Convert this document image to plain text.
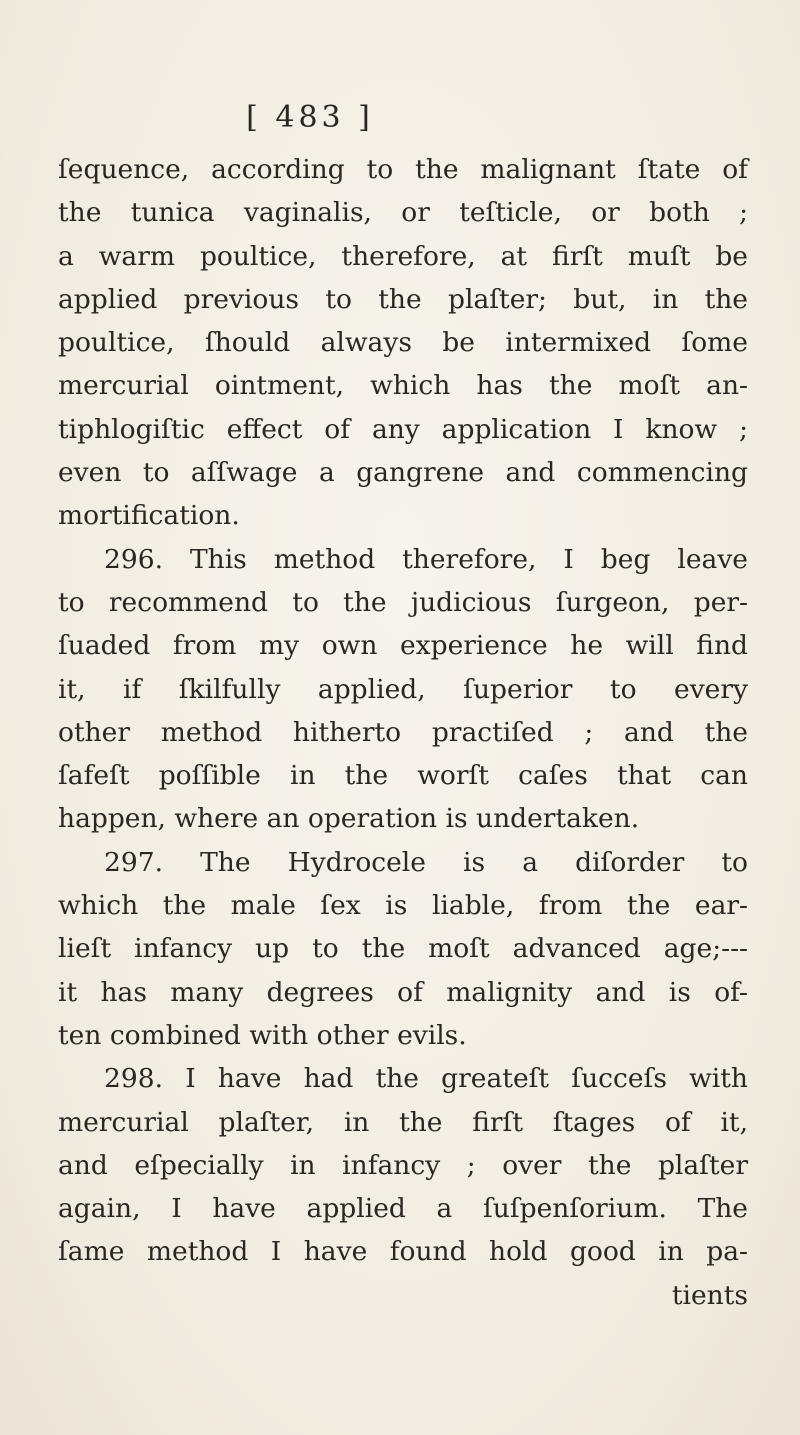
[ 483 ]
ſequence, according to the malignant ſtate of
the tunica vaginalis, or teſticle, or both ;
a warm poultice, therefore, at firſt muſt be
applied previous to the plaſter; but, in the
poultice, ſhould always be intermixed ſome
mercurial ointment, which has the moſt an-
tiphlogiſtic effect of any application I know ;
even to aſſwage a gangrene and commencing
mortification.
296. This method therefore, I beg leave
to recommend to the judicious ſurgeon, per-
ſuaded from my own experience he will find
it, if ſkilfully applied, ſuperior to every
other method hitherto practiſed ; and the
ſafeſt poſſible in the worſt caſes that can
happen, where an operation is undertaken.
297. The Hydrocele is a diſorder to
which the male ſex is liable, from the ear-
lieſt infancy up to the moſt advanced age;---
it has many degrees of malignity and is of-
ten combined with other evils.
298. I have had the greateſt ſucceſs with
mercurial plaſter, in the firſt ſtages of it,
and eſpecially in infancy ; over the plaſter
again, I have applied a ſuſpenſorium. The
ſame method I have found hold good in pa-
tients
